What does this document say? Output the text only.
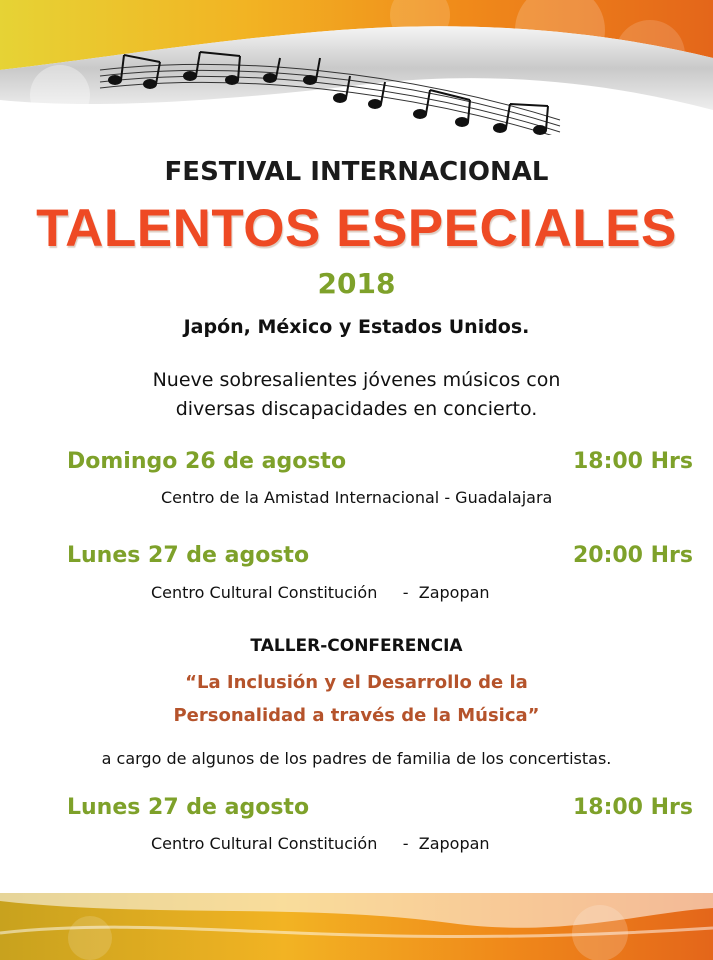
FESTIVAL INTERNACIONAL
TALENTOS ESPECIALES
2018
Japón, México y Estados Unidos.
Nueve sobresalientes jóvenes músicos con
diversas discapacidades en concierto.
Domingo 26 de agosto	18:00 Hrs
Centro de la Amistad Internacional - Guadalajara
Lunes 27 de agosto	20:00 Hrs
Centro Cultural Constitución     -  Zapopan
TALLER-CONFERENCIA
“La Inclusión y el Desarrollo de la
Personalidad a través de la Música”
a cargo de algunos de los padres de familia de los concertistas.
Lunes 27 de agosto	18:00 Hrs
Centro Cultural Constitución     -  Zapopan
